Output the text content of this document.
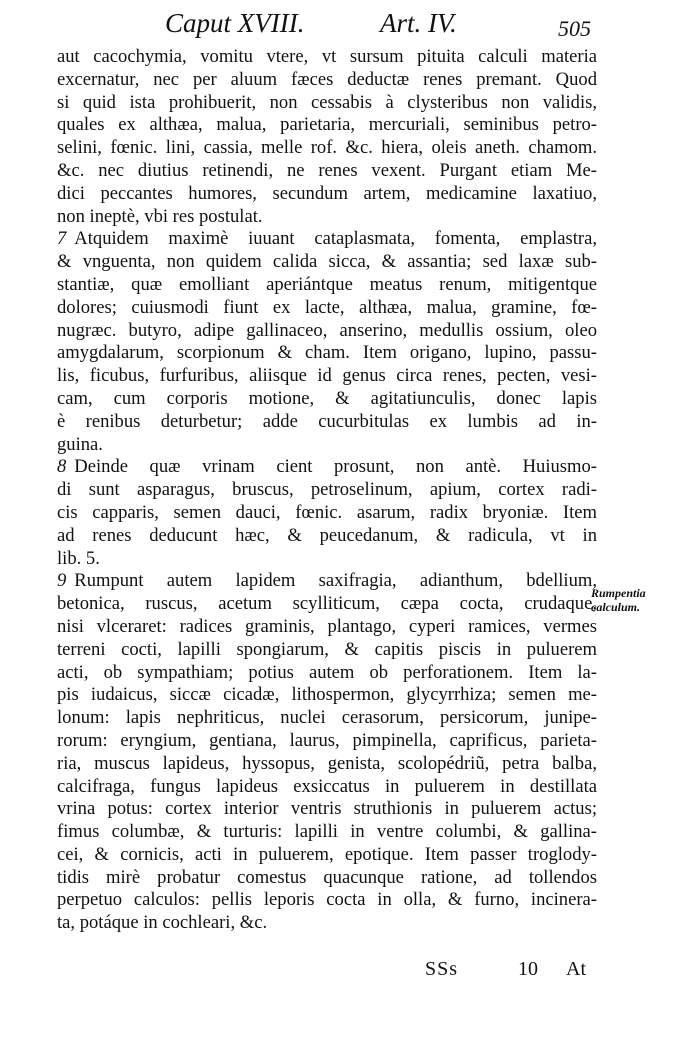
Caput XVIII.	Art. IV.	505
aut cacochymia, vomitu vtere, vt sursum pituita calculi materia
excernatur, nec per aluum fæces deductæ renes premant. Quod
si quid ista prohibuerit, non cessabis à clysteribus non validis,
quales ex althæa, malua, parietaria, mercuriali, seminibus petro-
selini, fœnic. lini, cassia, melle rof. &c. hiera, oleis aneth. chamom.
&c. nec diutius retinendi, ne renes vexent. Purgant etiam Me-
dici peccantes humores, secundum artem, medicamine laxatiuo,
non ineptè, vbi res postulat.
7 Atquidem maximè iuuant cataplasmata, fomenta, emplastra,
& vnguenta, non quidem calida sicca, & assantia; sed laxæ sub-
stantiæ, quæ emolliant aperiántque meatus renum, mitigentque
dolores; cuiusmodi fiunt ex lacte, althæa, malua, gramine, fœ-
nugræc. butyro, adipe gallinaceo, anserino, medullis ossium, oleo
amygdalarum, scorpionum & cham. Item origano, lupino, passu-
lis, ficubus, furfuribus, aliisque id genus circa renes, pecten, vesi-
cam, cum corporis motione, & agitatiunculis, donec lapis
è renibus deturbetur; adde cucurbitulas ex lumbis ad in-
guina.
8 Deinde quæ vrinam cient prosunt, non antè. Huiusmo-
di sunt asparagus, bruscus, petroselinum, apium, cortex radi-
cis capparis, semen dauci, fœnic. asarum, radix bryoniæ. Item
ad renes deducunt hæc, & peucedanum, & radicula, vt in
lib. 5.
9 Rumpunt autem lapidem saxifragia, adianthum, bdellium,
betonica, ruscus, acetum scylliticum, cæpa cocta, crudaque,
nisi vlceraret: radices graminis, plantago, cyperi ramices, vermes
terreni cocti, lapilli spongiarum, & capitis piscis in puluerem
acti, ob sympathiam; potius autem ob perforationem. Item la-
pis iudaicus, siccæ cicadæ, lithospermon, glycyrrhiza; semen me-
lonum: lapis nephriticus, nuclei cerasorum, persicorum, junipe-
rorum: eryngium, gentiana, laurus, pimpinella, caprificus, parieta-
ria, muscus lapideus, hyssopus, genista, scolopédriũ, petra balba,
calcifraga, fungus lapideus exsiccatus in puluerem in destillata
vrina potus: cortex interior ventris struthionis in puluerem actus;
fimus columbæ, & turturis: lapilli in ventre columbi, & gallina-
cei, & cornicis, acti in puluerem, epotique. Item passer troglody-
tidis mirè probatur comestus quacunque ratione, ad tollendos
perpetuo calculos: pellis leporis cocta in olla, & furno, incinera-
ta, potáque in cochleari, &c.
Rumpentia
calculum.
SSs	10 At
